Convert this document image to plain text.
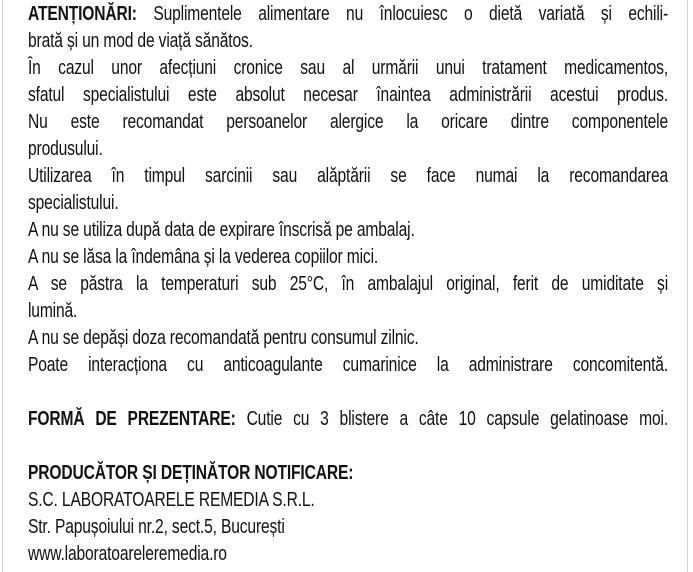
ATENȚIONĂRI: Suplimentele alimentare nu înlocuiesc o dietă variată și echili-
brată și un mod de viață sănătos.
În cazul unor afecțiuni cronice sau al urmării unui tratament medicamentos,
sfatul specialistului este absolut necesar înaintea administrării acestui produs.
Nu este recomandat persoanelor alergice la oricare dintre componentele
produsului.
Utilizarea în timpul sarcinii sau alăptării se face numai la recomandarea
specialistului.
A nu se utiliza după data de expirare înscrisă pe ambalaj.
A nu se lăsa la îndemâna și la vederea copiilor mici.
A se păstra la temperaturi sub 25°C, în ambalajul original, ferit de umiditate și
lumină.
A nu se depăși doza recomandată pentru consumul zilnic.
Poate interacționa cu anticoagulante cumarinice la administrare concomitentă.
FORMĂ DE PREZENTARE: Cutie cu 3 blistere a câte 10 capsule gelatinoase moi.
PRODUCĂTOR ȘI DEȚINĂTOR NOTIFICARE:
S.C. LABORATOARELE REMEDIA S.R.L.
Str. Papușoiului nr.2, sect.5, București
www.laboratoareleremedia.ro
